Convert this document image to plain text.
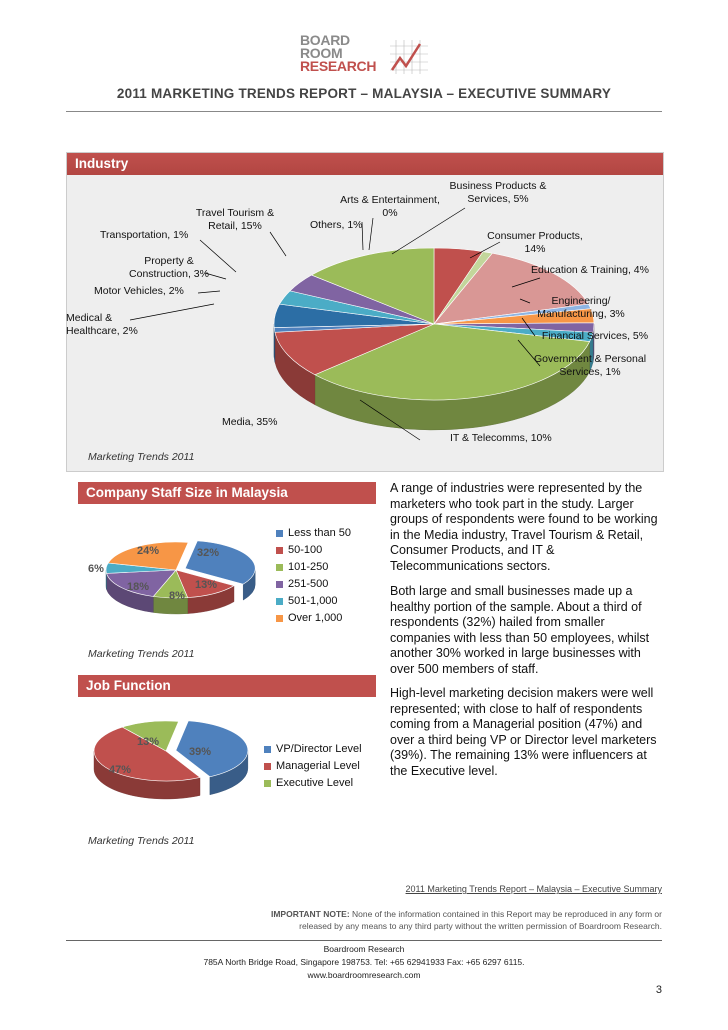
BOARD
ROOM
RESEARCH
2011 MARKETING TRENDS REPORT – MALAYSIA – EXECUTIVE SUMMARY
Industry
Business Products & Services, 5%
Arts & Entertainment, 0%
Others, 1%
Travel Tourism & Retail, 15%
Transportation, 1%
Property & Construction, 3%
Motor Vehicles, 2%
Medical & Healthcare, 2%
Consumer Products, 14%
Education & Training, 4%
Engineering/ Manufacturing, 3%
Financial Services, 5%
Government & Personal Services, 1%
IT & Telecomms, 10%
Media, 35%
Marketing Trends 2011
Company Staff Size in Malaysia
32%
13%
8%
18%
6%
24%
Less than 50
50-100
101-250
251-500
501-1,000
Over 1,000
Marketing Trends 2011
Job Function
39%
47%
13%
VP/Director Level
Managerial Level
Executive Level
Marketing Trends 2011
A range of industries were represented by the marketers who took part in the study. Larger groups of respondents were found to be working in the Media industry, Travel Tourism & Retail, Consumer Products, and IT & Telecommunications sectors.
Both large and small businesses made up a healthy portion of the sample. About a third of respondents (32%) hailed from smaller companies with less than 50 employees, whilst another 30% worked in large businesses with over 500 members of staff.
High-level marketing decision makers were well represented; with close to half of respondents coming from a Managerial position (47%) and over a third being VP or Director level marketers (39%). The remaining 13% were influencers at the Executive level.
2011 Marketing Trends Report – Malaysia – Executive Summary
IMPORTANT NOTE: None of the information contained in this Report may be reproduced in any form or released by any means to any third party without the written permission of Boardroom Research.
Boardroom Research
785A North Bridge Road, Singapore 198753. Tel: +65 62941933 Fax: +65 6297 6115.
www.boardroomresearch.com
3
